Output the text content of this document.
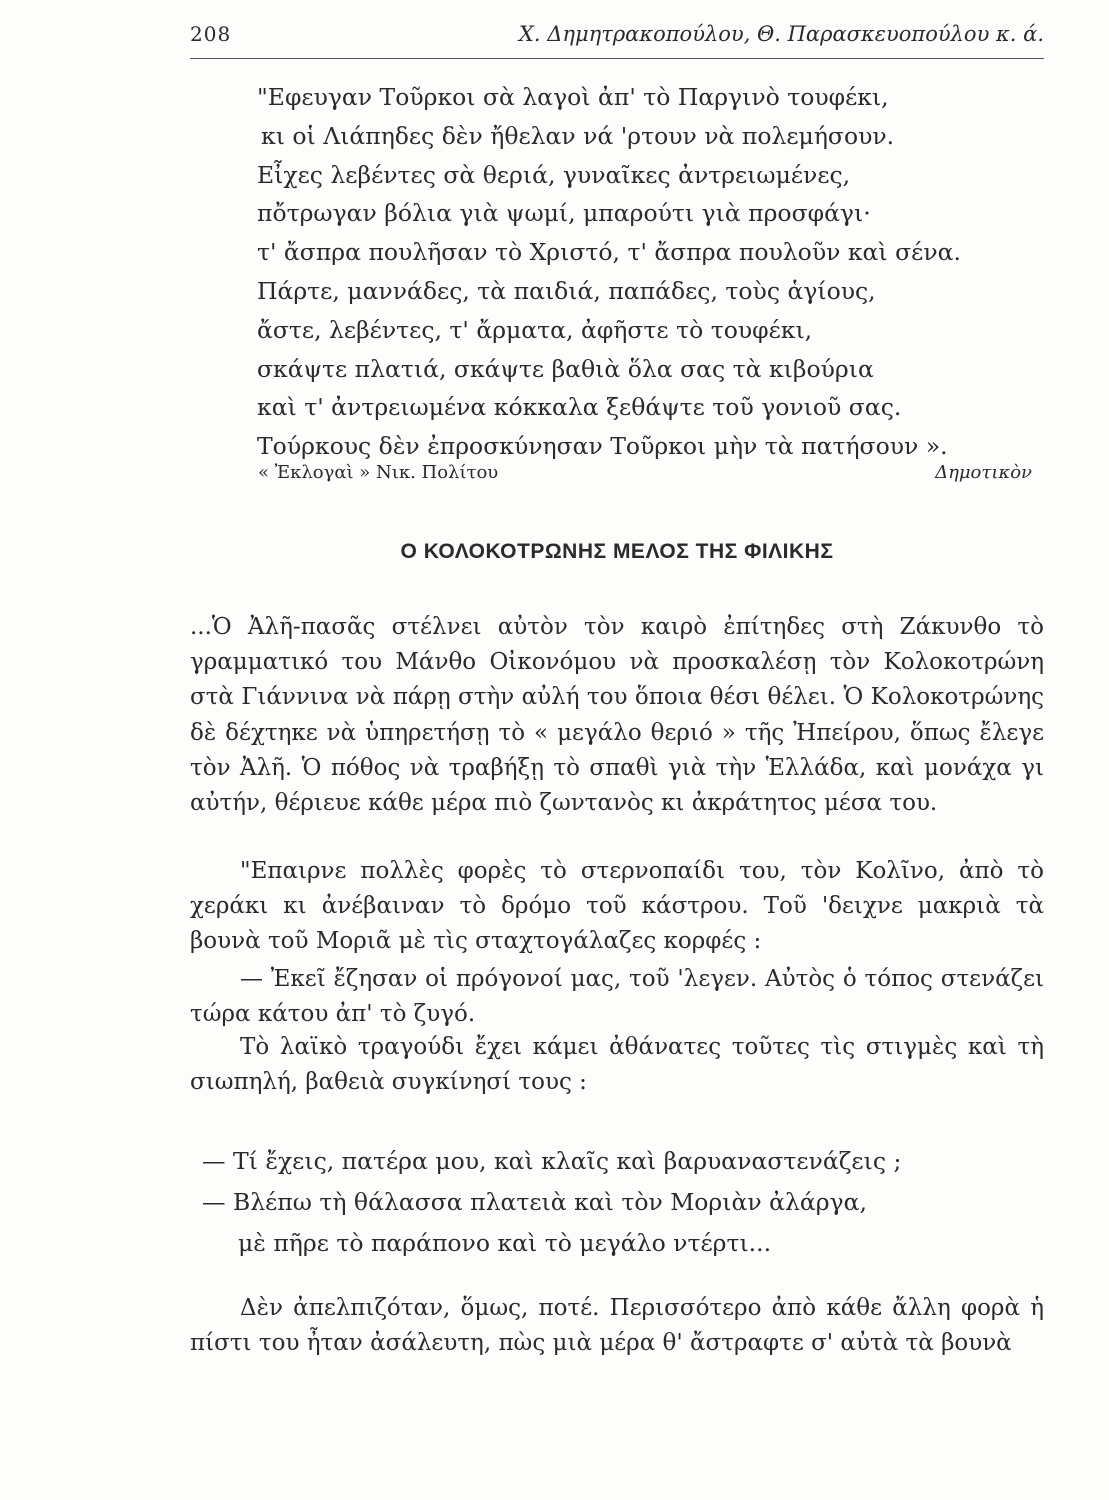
208	Χ. Δημητρακοπούλου, Θ. Παρασκευοπούλου κ. ά.
"Εφευγαν Τοῦρκοι σὰ λαγοὶ ἀπ' τὸ Παργινὸ τουφέκι,
κι οἱ Λιάπηδες δὲν ἤθελαν νά 'ρτουν νὰ πολεμήσουν.
Εἶχες λεβέντες σὰ θεριά, γυναῖκες ἀντρειωμένες,
πὄτρωγαν βόλια γιὰ ψωμί, μπαρούτι γιὰ προσφάγι·
τ' ἄσπρα πουλῆσαν τὸ Χριστό, τ' ἄσπρα πουλοῦν καὶ σένα.
Πάρτε, μαννάδες, τὰ παιδιά, παπάδες, τοὺς ἁγίους,
ἄστε, λεβέντες, τ' ἄρματα, ἀφῆστε τὸ τουφέκι,
σκάψτε πλατιά, σκάψτε βαθιὰ ὅλα σας τὰ κιβούρια
καὶ τ' ἀντρειωμένα κόκκαλα ξεθάψτε τοῦ γονιοῦ σας.
Τούρκους δὲν ἐπροσκύνησαν Τοῦρκοι μὴν τὰ πατήσουν ».
« Ἐκλογαὶ » Νικ. Πολίτου	Δημοτικὸν
Ο ΚΟΛΟΚΟΤΡΩΝΗΣ ΜΕΛΟΣ ΤΗΣ ΦΙΛΙΚΗΣ

...Ὁ Ἀλῆ-πασᾶς στέλνει αὐτὸν τὸν καιρὸ ἐπίτηδες στὴ Ζάκυνθο τὸ γραμματικό του Μάνθο Οἰκονόμου νὰ προσκαλέσῃ τὸν Κολοκοτρώνη στὰ Γιάννινα νὰ πάρῃ στὴν αὐλή του ὅποια θέσι θέλει. Ὁ Κολοκοτρώνης δὲ δέχτηκε νὰ ὑπηρετήσῃ τὸ « μεγάλο θεριό » τῆς Ἠπείρου, ὅπως ἔλεγε τὸν Ἀλῆ. Ὁ πόθος νὰ τραβήξῃ τὸ σπαθὶ γιὰ τὴν Ἑλλάδα, καὶ μονάχα γι αὐτήν, θέριευε κάθε μέρα πιὸ ζωντανὸς κι ἀκράτητος μέσα του.

"Επαιρνε πολλὲς φορὲς τὸ στερνοπαίδι του, τὸν Κολῖνο, ἀπὸ τὸ χεράκι κι ἀνέβαιναν τὸ δρόμο τοῦ κάστρου. Τοῦ 'δειχνε μακριὰ τὰ βουνὰ τοῦ Μοριᾶ μὲ τὶς σταχτογάλαζες κορφές :

— Ἐκεῖ ἔζησαν οἱ πρόγονοί μας, τοῦ 'λεγεν. Αὐτὸς ὁ τόπος στενάζει τώρα κάτου ἀπ' τὸ ζυγό.

Τὸ λαϊκὸ τραγούδι ἔχει κάμει ἀθάνατες τοῦτες τὶς στιγμὲς καὶ τὴ σιωπηλή, βαθειὰ συγκίνησί τους :

— Τί ἔχεις, πατέρα μου, καὶ κλαῖς καὶ βαρυαναστενάζεις ;
— Βλέπω τὴ θάλασσα πλατειὰ καὶ τὸν Μοριὰν ἀλάργα,
μὲ πῆρε τὸ παράπονο καὶ τὸ μεγάλο ντέρτι...

Δὲν ἀπελπιζόταν, ὅμως, ποτέ. Περισσότερο ἀπὸ κάθε ἄλλη φορὰ ἡ πίστι του ἦταν ἀσάλευτη, πὼς μιὰ μέρα θ' ἄστραφτε σ' αὐτὰ τὰ βουνὰ
